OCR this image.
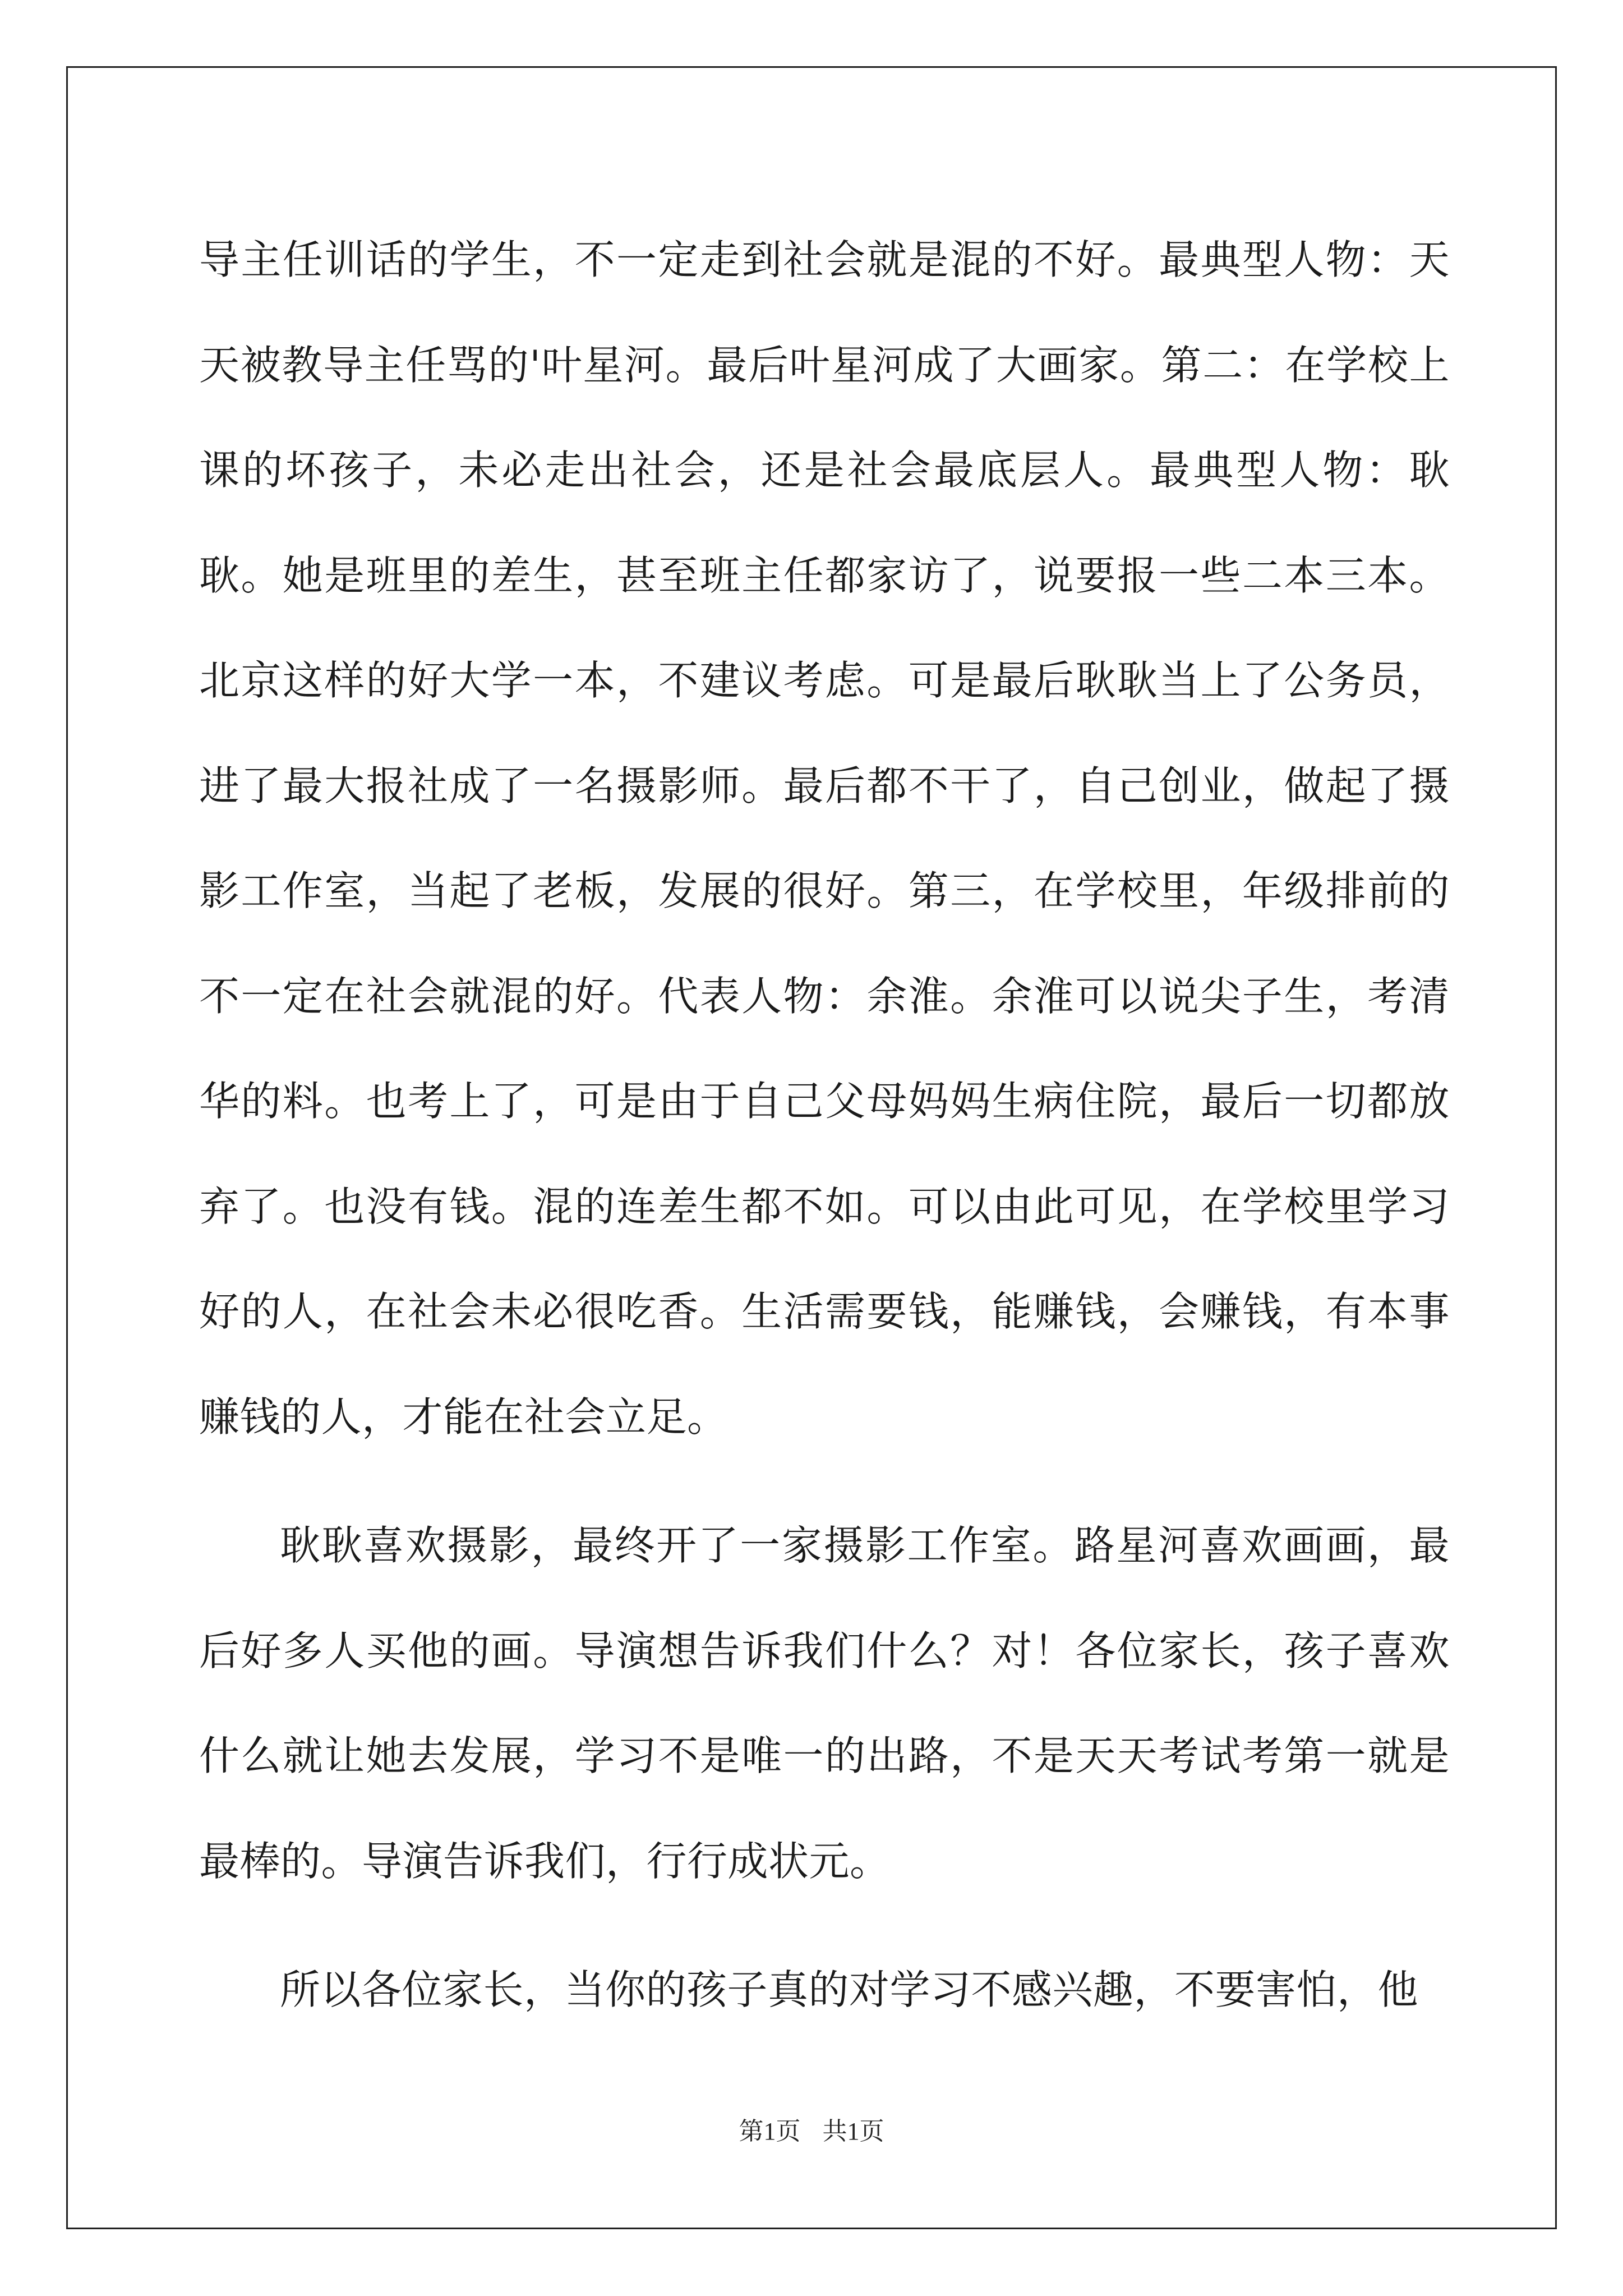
导主任训话的学生，不一定走到社会就是混的不好。最典型人物：天天被教导主任骂的'叶星河。最后叶星河成了大画家。第二：在学校上课的坏孩子，未必走出社会，还是社会最底层人。最典型人物：耿耿。她是班里的差生，甚至班主任都家访了，说要报一些二本三本。北京这样的好大学一本，不建议考虑。可是最后耿耿当上了公务员，进了最大报社成了一名摄影师。最后都不干了，自己创业，做起了摄影工作室，当起了老板，发展的很好。第三，在学校里，年级排前的不一定在社会就混的好。代表人物：余淮。余淮可以说尖子生，考清华的料。也考上了，可是由于自己父母妈妈生病住院，最后一切都放弃了。也没有钱。混的连差生都不如。可以由此可见，在学校里学习好的人，在社会未必很吃香。生活需要钱，能赚钱，会赚钱，有本事赚钱的人，才能在社会立足。

耿耿喜欢摄影，最终开了一家摄影工作室。路星河喜欢画画，最后好多人买他的画。导演想告诉我们什么？对！各位家长，孩子喜欢什么就让她去发展，学习不是唯一的出路，不是天天考试考第一就是最棒的。导演告诉我们，行行成状元。

所以各位家长，当你的孩子真的对学习不感兴趣，不要害怕，他

第1页 共1页
